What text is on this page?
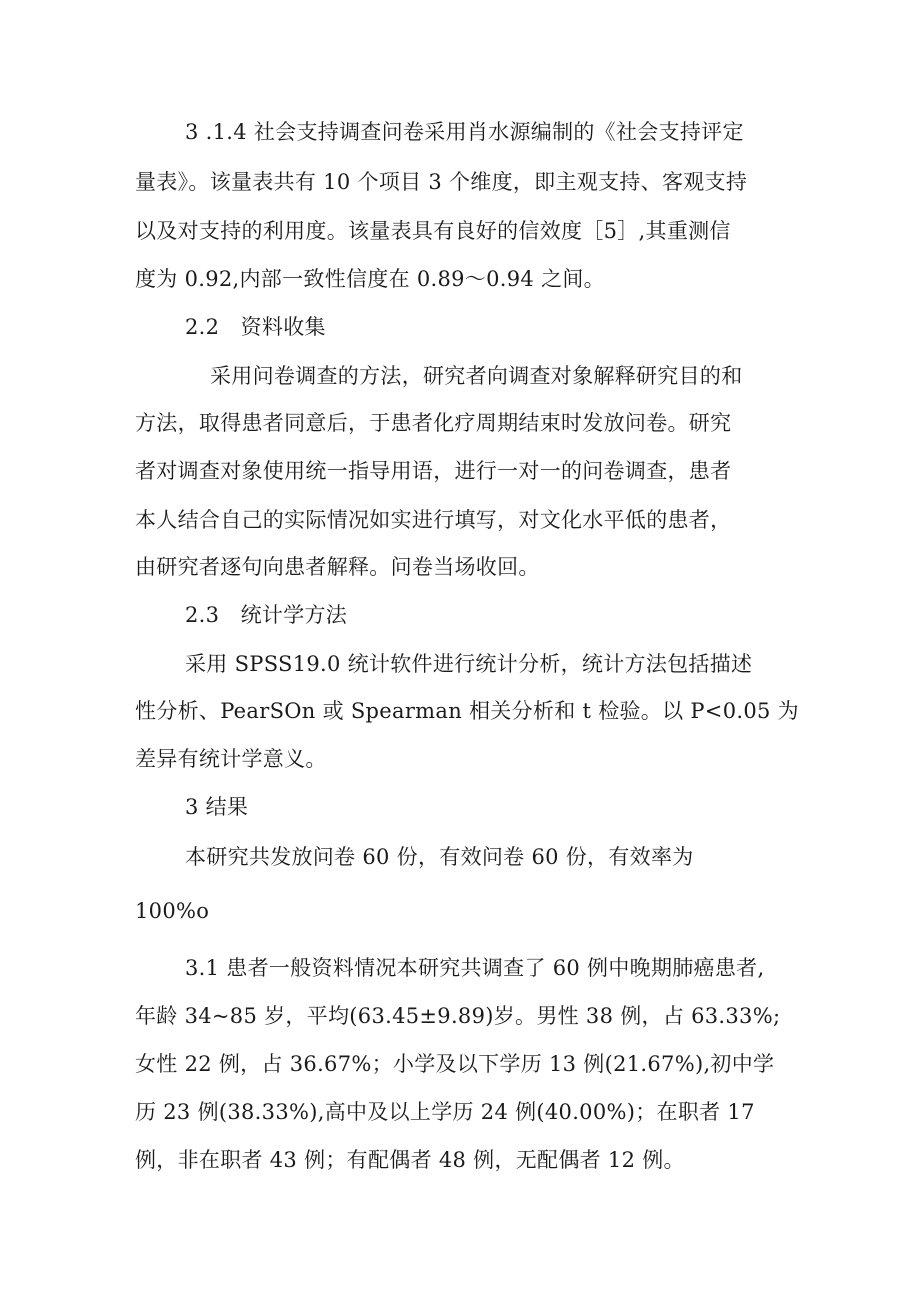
3 .1.4 社会支持调查问卷采用肖水源编制的《社会支持评定
量表》。该量表共有 10 个项目 3 个维度，即主观支持、客观支持
以及对支持的利用度。该量表具有良好的信效度［5］,其重测信
度为 0.92,内部一致性信度在 0.89～0.94 之间。
2.2　资料收集
采用问卷调查的方法，研究者向调查对象解释研究目的和
方法，取得患者同意后，于患者化疗周期结束时发放问卷。研究
者对调查对象使用统一指导用语，进行一对一的问卷调查，患者
本人结合自己的实际情况如实进行填写，对文化水平低的患者，
由研究者逐句向患者解释。问卷当场收回。
2.3　统计学方法
采用 SPSS19.0 统计软件进行统计分析，统计方法包括描述
性分析、PearSOn 或 Spearman 相关分析和 t 检验。以 P<0.05 为
差异有统计学意义。
3 结果
本研究共发放问卷 60 份，有效问卷 60 份，有效率为
100%o
3.1 患者一般资料情况本研究共调查了 60 例中晚期肺癌患者,
年龄 34~85 岁，平均(63.45±9.89)岁。男性 38 例，占 63.33%;
女性 22 例，占 36.67%；小学及以下学历 13 例(21.67%),初中学
历 23 例(38.33%),高中及以上学历 24 例(40.00%)；在职者 17
例，非在职者 43 例；有配偶者 48 例，无配偶者 12 例。
